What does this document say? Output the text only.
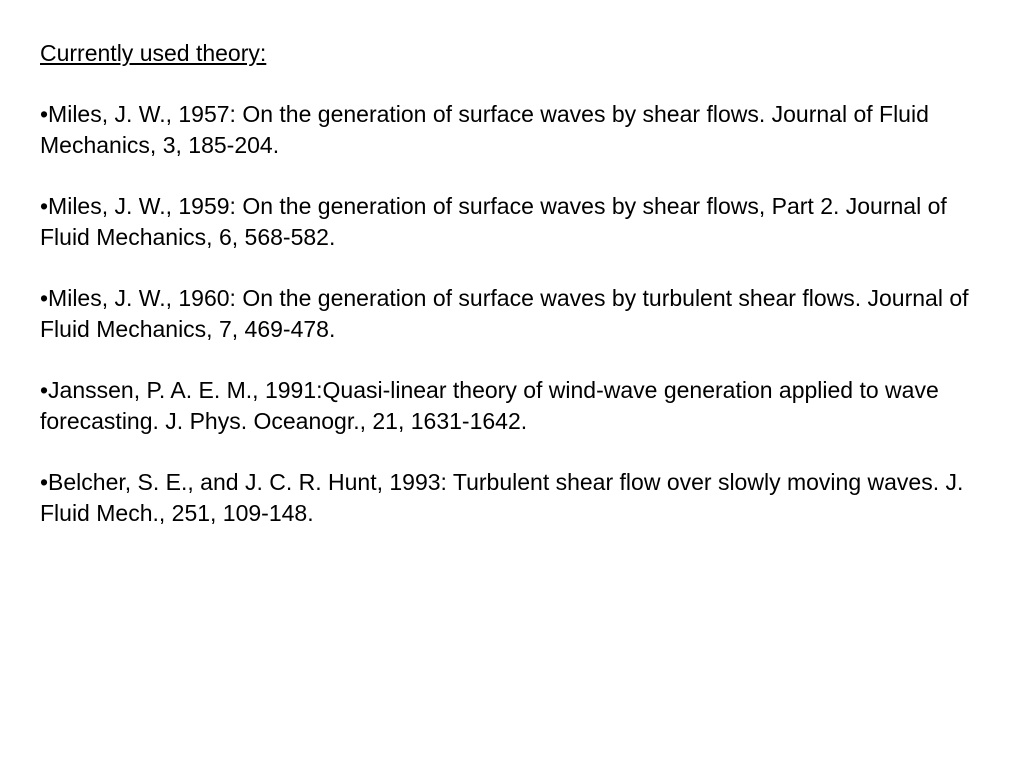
Currently used theory:
•Miles, J. W., 1957: On the generation of surface waves by shear flows. Journal of Fluid Mechanics, 3, 185-204.
•Miles, J. W., 1959: On the generation of surface waves by shear flows, Part 2. Journal of Fluid Mechanics, 6, 568-582.
•Miles, J. W., 1960: On the generation of surface waves by turbulent shear flows. Journal of Fluid Mechanics, 7, 469-478.
•Janssen, P. A. E. M., 1991:Quasi-linear theory of wind-wave generation applied to wave forecasting. J. Phys. Oceanogr., 21, 1631-1642.
•Belcher, S. E., and J. C. R. Hunt, 1993: Turbulent shear flow over slowly moving waves. J. Fluid Mech., 251, 109-148.
